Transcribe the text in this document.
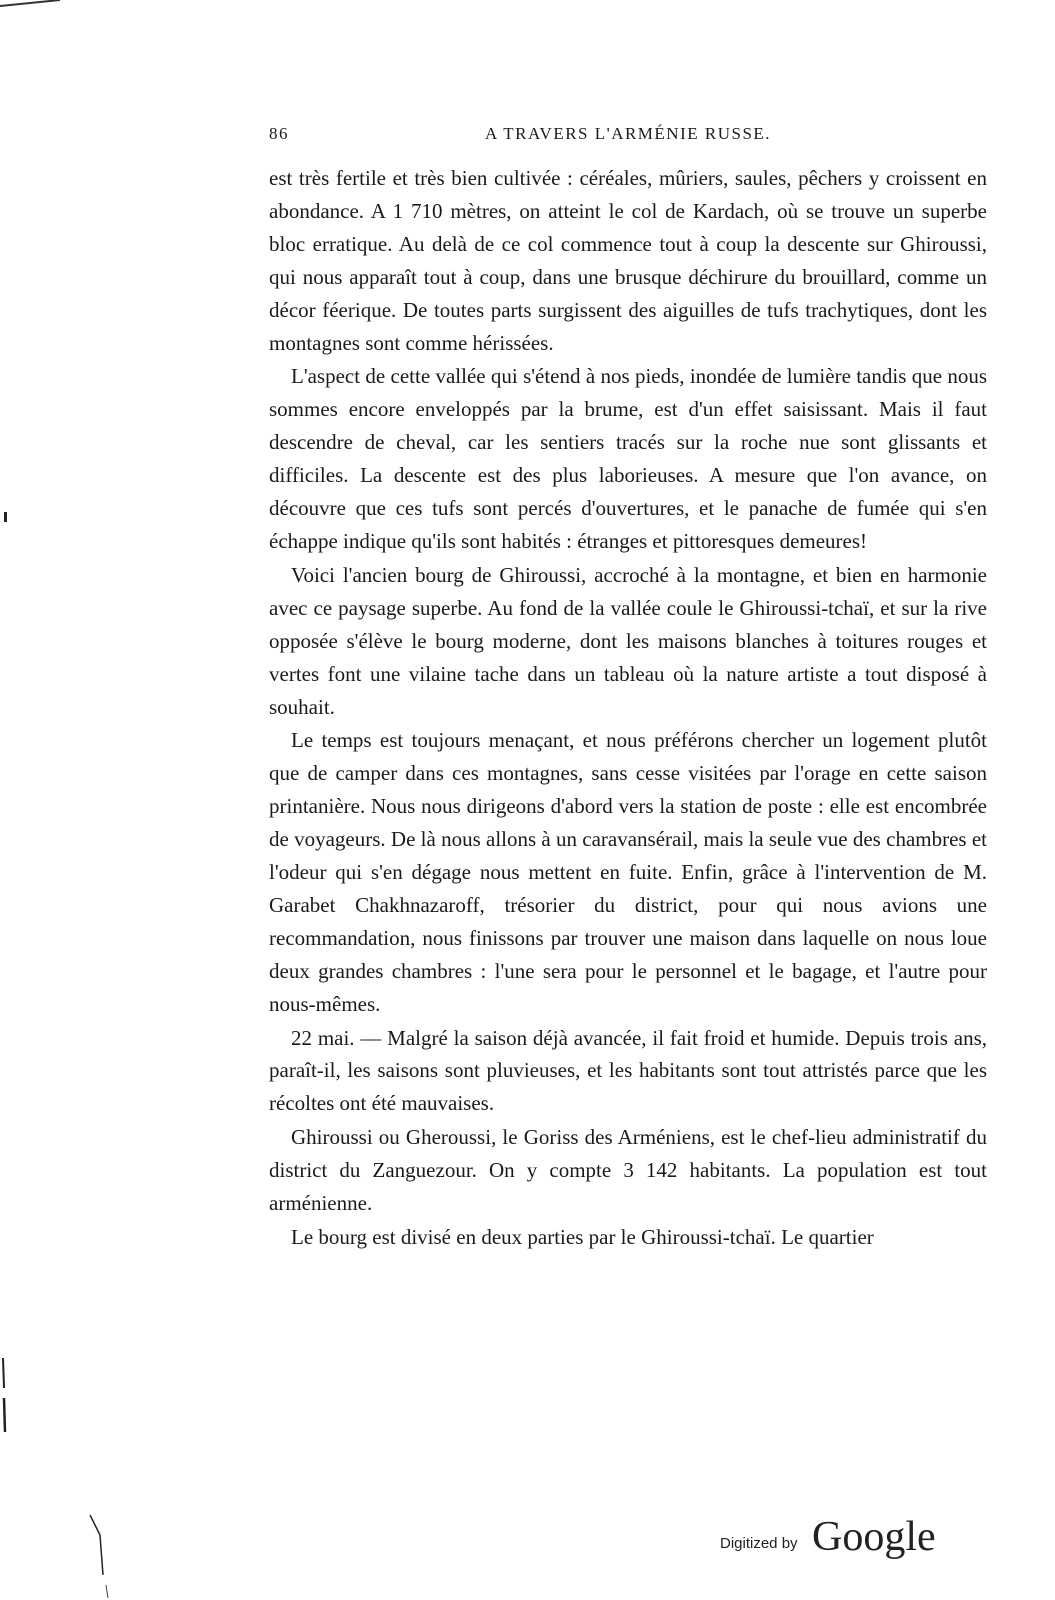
86	A TRAVERS L'ARMÉNIE RUSSE.

est très fertile et très bien cultivée : céréales, mûriers, saules, pêchers y croissent en abondance. A 1 710 mètres, on atteint le col de Kardach, où se trouve un superbe bloc erratique. Au delà de ce col commence tout à coup la descente sur Ghiroussi, qui nous apparaît tout à coup, dans une brusque déchirure du brouillard, comme un décor féerique. De toutes parts surgissent des aiguilles de tufs trachytiques, dont les montagnes sont comme hérissées.

L'aspect de cette vallée qui s'étend à nos pieds, inondée de lumière tandis que nous sommes encore enveloppés par la brume, est d'un effet saisissant. Mais il faut descendre de cheval, car les sentiers tracés sur la roche nue sont glissants et difficiles. La descente est des plus laborieuses. A mesure que l'on avance, on découvre que ces tufs sont percés d'ouvertures, et le panache de fumée qui s'en échappe indique qu'ils sont habités : étranges et pittoresques demeures!

Voici l'ancien bourg de Ghiroussi, accroché à la montagne, et bien en harmonie avec ce paysage superbe. Au fond de la vallée coule le Ghiroussi-tchaï, et sur la rive opposée s'élève le bourg moderne, dont les maisons blanches à toitures rouges et vertes font une vilaine tache dans un tableau où la nature artiste a tout disposé à souhait.

Le temps est toujours menaçant, et nous préférons chercher un logement plutôt que de camper dans ces montagnes, sans cesse visitées par l'orage en cette saison printanière. Nous nous dirigeons d'abord vers la station de poste : elle est encombrée de voyageurs. De là nous allons à un caravansérail, mais la seule vue des chambres et l'odeur qui s'en dégage nous mettent en fuite. Enfin, grâce à l'intervention de M. Garabet Chakhnazaroff, trésorier du district, pour qui nous avions une recommandation, nous finissons par trouver une maison dans laquelle on nous loue deux grandes chambres : l'une sera pour le personnel et le bagage, et l'autre pour nous-mêmes.

22 mai. — Malgré la saison déjà avancée, il fait froid et humide. Depuis trois ans, paraît-il, les saisons sont pluvieuses, et les habitants sont tout attristés parce que les récoltes ont été mauvaises.

Ghiroussi ou Gheroussi, le Goriss des Arméniens, est le chef-lieu administratif du district du Zanguezour. On y compte 3 142 habitants. La population est tout arménienne.

Le bourg est divisé en deux parties par le Ghiroussi-tchaï. Le quartier

Digitized by Google
